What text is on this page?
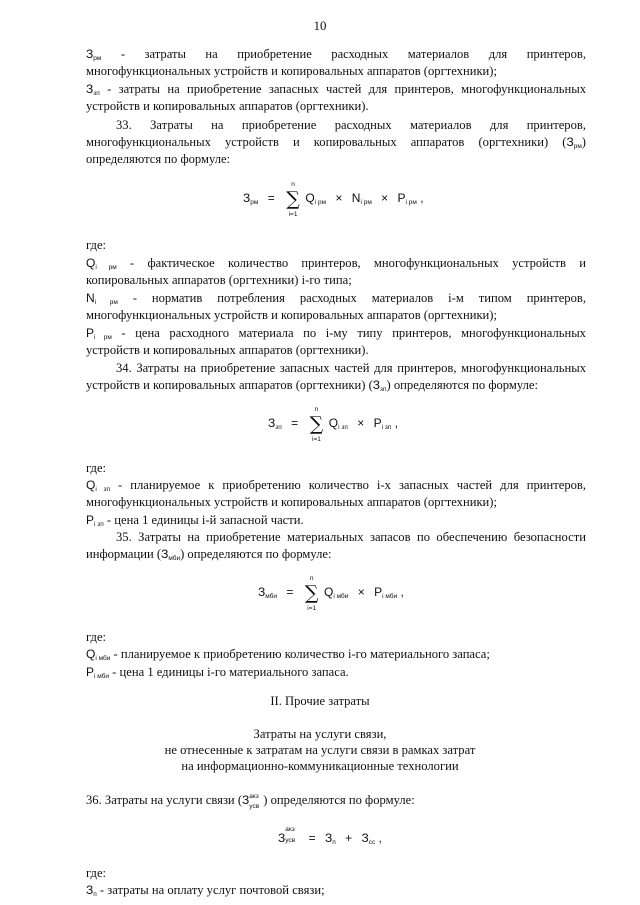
10
$З_{рм}$ - затраты на приобретение расходных материалов для принтеров,
многофункциональных устройств и копировальных аппаратов (оргтехники);
$З_{зп}$ - затраты на приобретение запасных частей для принтеров, многофункциональных
устройств и копировальных аппаратов (оргтехники).
33. Затраты на приобретение расходных материалов для принтеров,
многофункциональных устройств и копировальных аппаратов (оргтехники) $(З_{рм})$
определяются по формуле:
$З_{рм}$ =
n
∑
i=1
$Q_{i рм} \times N_{i рм} \times P_{i рм}$ ,
где:
$Q_{i рм}$ - фактическое количество принтеров, многофункциональных устройств и
копировальных аппаратов (оргтехники) i-го типа;
$N_{i рм}$ - норматив потребления расходных материалов i-м типом принтеров,
многофункциональных устройств и копировальных аппаратов (оргтехники);
$P_{i рм}$ - цена расходного материала по i-му типу принтеров, многофункциональных
устройств и копировальных аппаратов (оргтехники).
34. Затраты на приобретение запасных частей для принтеров, многофункциональных
устройств и копировальных аппаратов (оргтехники) $(З_{зп})$ определяются по формуле:
$З_{зп}$ =
n
∑
i=1
$Q_{i зп} \times P_{i зп}$ ,
где:
$Q_{i зп}$ - планируемое к приобретению количество i-х запасных частей для принтеров,
многофункциональных устройств и копировальных аппаратов (оргтехники);
$P_{i зп}$ - цена 1 единицы i-й запасной части.
35. Затраты на приобретение материальных запасов по обеспечению безопасности
информации $(З_{мби})$ определяются по формуле:
$З_{мби}$ =
n
∑
i=1
$Q_{i мби} \times P_{i мби}$ ,
где:
$Q_{i мби}$ - планируемое к приобретению количество i-го материального запаса;
$P_{i мби}$ - цена 1 единицы i-го материального запаса.
II. Прочие затраты
Затраты на услуги связи,
не отнесенные к затратам на услуги связи в рамках затрат
на информационно-коммуникационные технологии
36. Затраты на услуги связи (З акз
усв ) определяются по формуле:
З
акз
усв = $З_п + З_{сс}$ ,
где:
$З_п$ - затраты на оплату услуг почтовой связи;
